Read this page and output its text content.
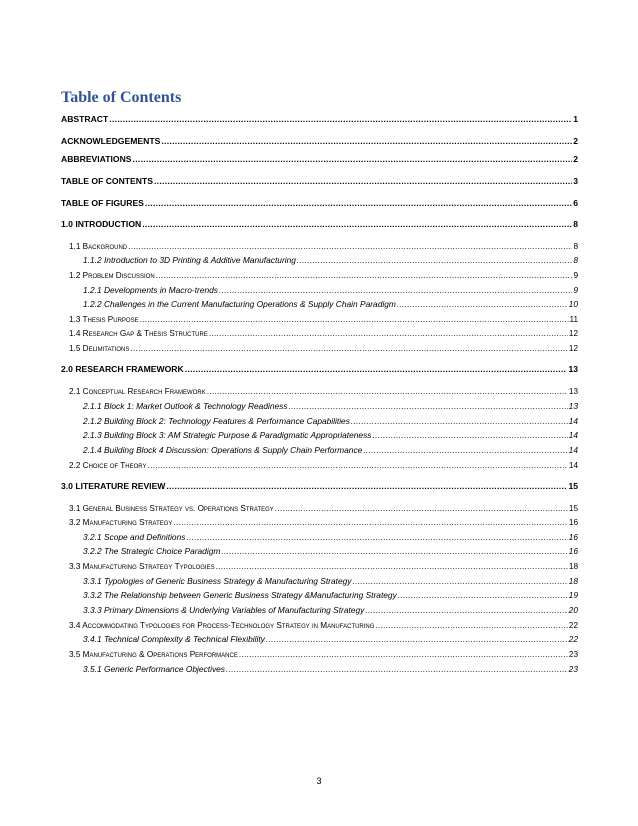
Table of Contents
ABSTRACT .....	1
ACKNOWLEDGEMENTS .....	2
ABBREVIATIONS .....	2
TABLE OF CONTENTS .....	3
TABLE OF FIGURES .....	6
1.0 INTRODUCTION .....	8
1.1 Background .....	8
1.1.2 Introduction to 3D Printing & Additive Manufacturing .....	8
1.2 Problem Discussion .....	9
1.2.1 Developments in Macro-trends .....	9
1.2.2 Challenges in the Current Manufacturing Operations & Supply Chain Paradigm .....	10
1.3 Thesis Purpose .....	11
1.4 Research Gap & Thesis Structure .....	12
1.5 Delimitations .....	12
2.0 RESEARCH FRAMEWORK .....	13
2.1 Conceptual Research Framework .....	13
2.1.1 Block 1: Market Outlook & Technology Readiness .....	13
2.1.2 Building Block 2: Technology Features & Performance Capabilities .....	14
2.1.3 Building Block 3: AM Strategic Purpose & Paradigmatic Appropriateness .....	14
2.1.4 Building Block 4 Discussion: Operations & Supply Chain Performance .....	14
2.2 Choice of Theory .....	14
3.0 LITERATURE REVIEW .....	15
3.1 General Business Strategy vs. Operations Strategy .....	15
3.2 Manufacturing Strategy .....	16
3.2.1 Scope and Definitions .....	16
3.2.2 The Strategic Choice Paradigm .....	16
3.3 Manufacturing Strategy Typologies .....	18
3.3.1 Typologies of Generic Business Strategy & Manufacturing Strategy .....	18
3.3.2 The Relationship between Generic Business Strategy &Manufacturing Strategy .....	19
3.3.3 Primary Dimensions & Underlying Variables of Manufacturing Strategy .....	20
3.4 Accommodating Typologies for Process-Technology Strategy in Manufacturing .....	22
3.4.1 Technical Complexity & Technical Flexibility .....	22
3.5 Manufacturing & Operations Performance .....	23
3.5.1 Generic Performance Objectives .....	23
3
